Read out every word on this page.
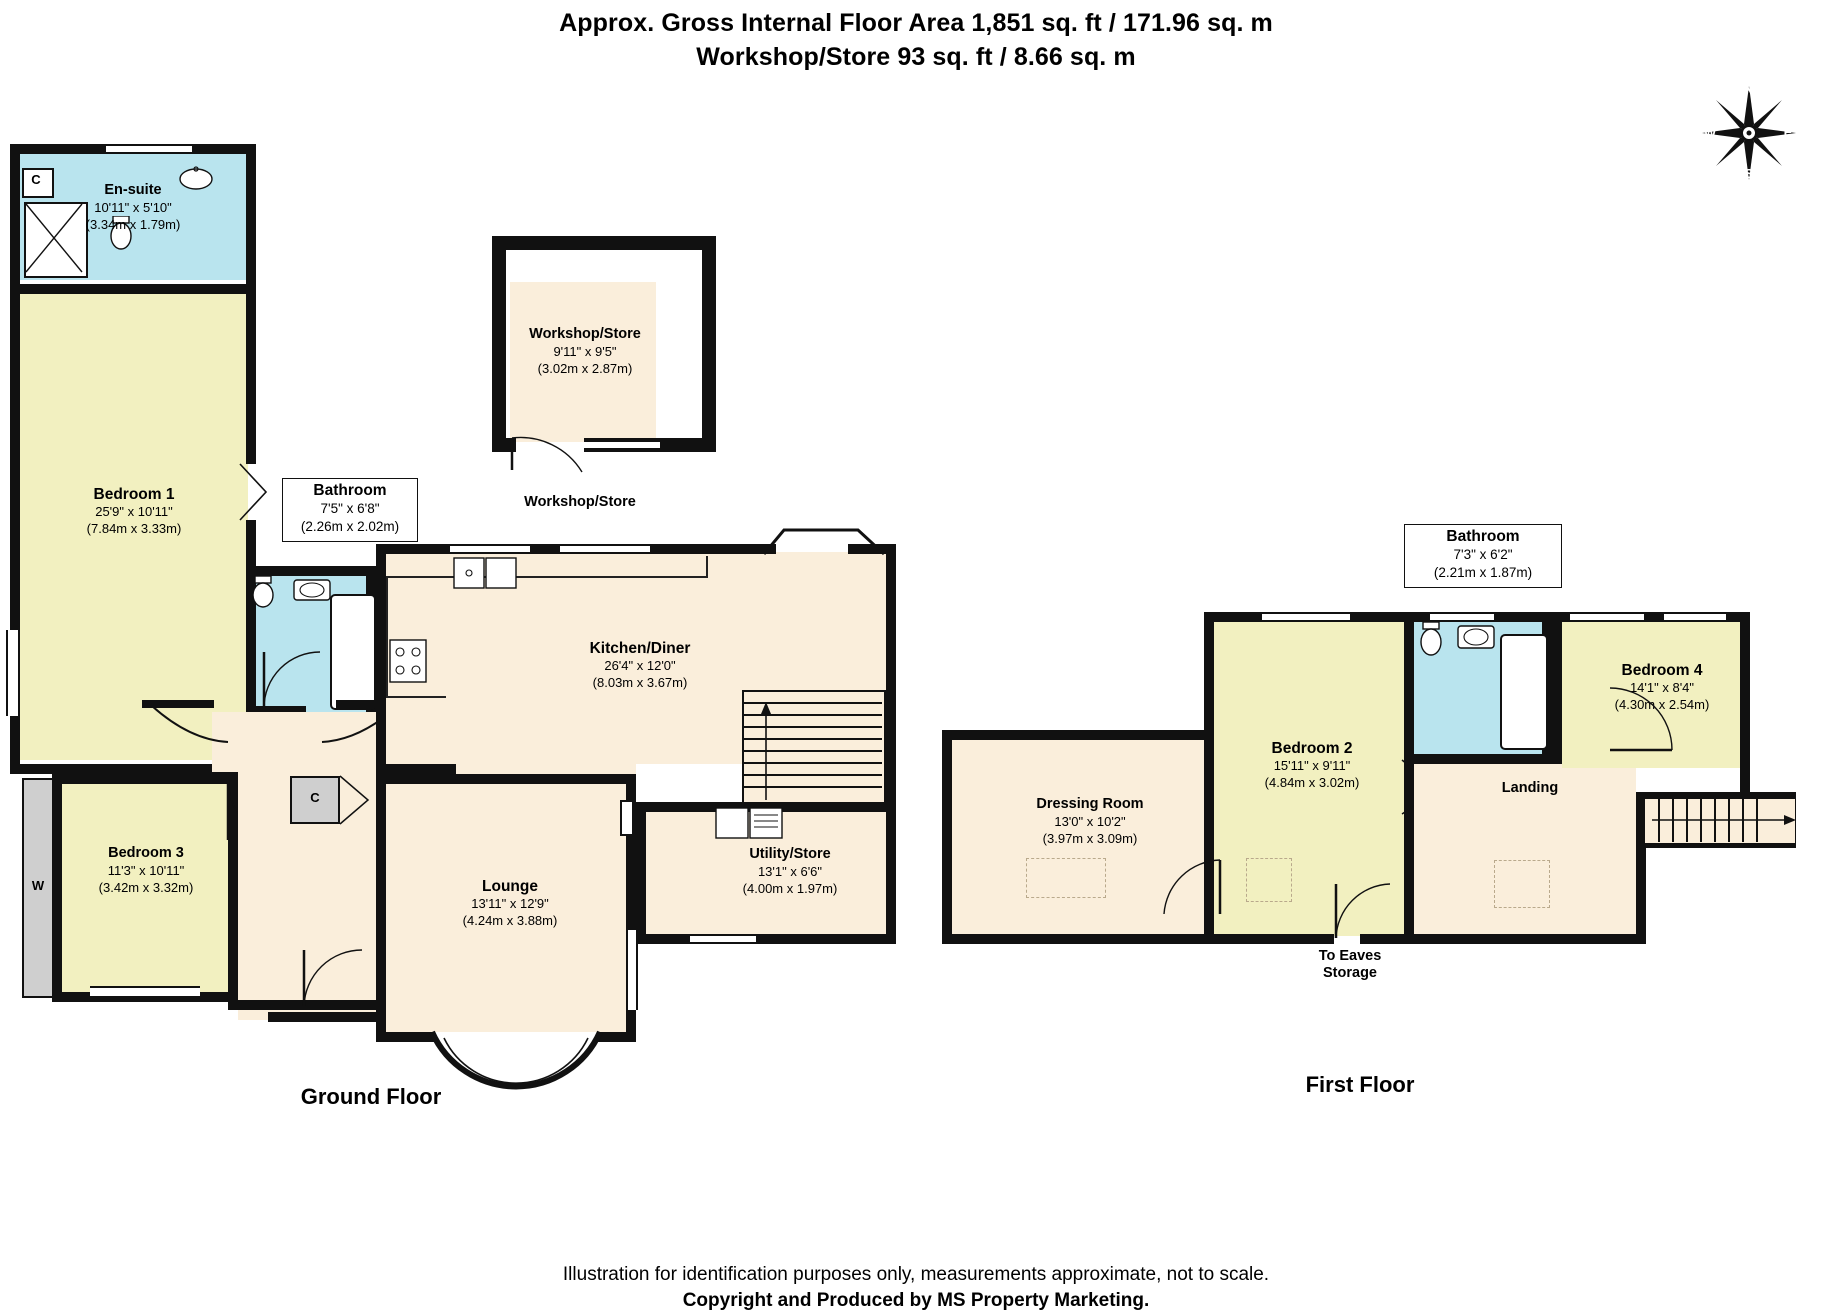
Approx. Gross Internal Floor Area 1,851 sq. ft / 171.96 sq. m
Workshop/Store 93 sq. ft / 8.66 sq. m
N
E
S
W
C
En-suite
10'11" x 5'10"
(3.34m x 1.79m)
Bedroom 1
25'9" x 10'11"
(7.84m x 3.33m)
Bathroom
7'5" x 6'8"
(2.26m x 2.02m)
W
Bedroom 3
11'3" x 10'11"
(3.42m x 3.32m)
C
Kitchen/Diner
26'4" x 12'0"
(8.03m x 3.67m)
Utility/Store
13'1" x 6'6"
(4.00m x 1.97m)
Lounge
13'11" x 12'9"
(4.24m x 3.88m)
Ground Floor
Workshop/Store
9'11" x 9'5"
(3.02m x 2.87m)
Workshop/Store
Dressing Room
13'0" x 10'2"
(3.97m x 3.09m)
Bedroom 2
15'11" x 9'11"
(4.84m x 3.02m)
Bathroom
7'3" x 6'2"
(2.21m x 1.87m)
Landing
Bedroom 4
14'1" x 8'4"
(4.30m x 2.54m)
To Eaves
Storage
First Floor
Illustration for identification purposes only, measurements approximate, not to scale.
Copyright and Produced by MS Property Marketing.
